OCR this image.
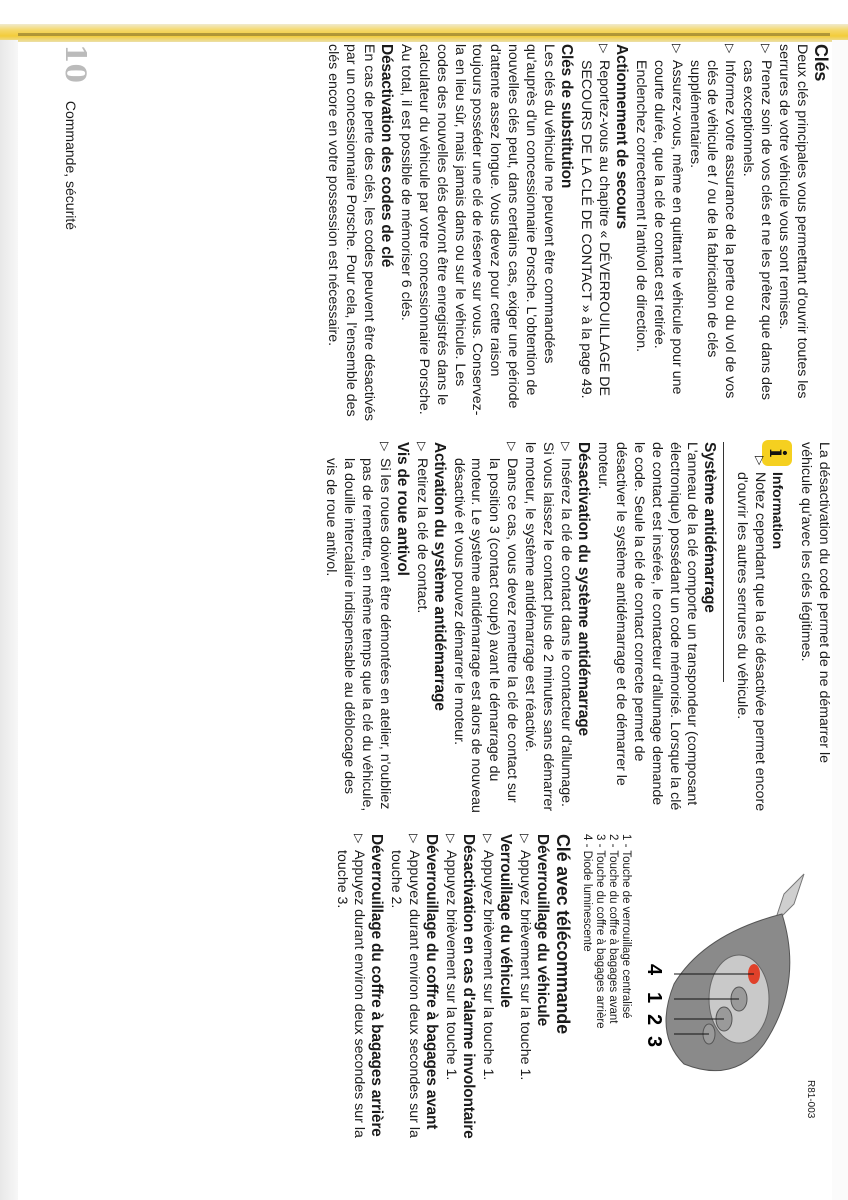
Clés

Deux clés principales vous permettant d'ouvrir toutes les serrures de votre véhicule vous sont remises.

▷ Prenez soin de vos clés et ne les prêtez que dans des cas exceptionnels.

▷ Informez votre assurance de la perte ou du vol de vos clés de véhicule et / ou de la fabrication de clés supplémentaires.

▷ Assurez-vous, même en quittant le véhicule pour une courte durée, que la clé de contact est retirée.

Enclenchez correctement l'antivol de direction.

Actionnement de secours

▷ Reportez-vous au chapitre « DÉVERROUILLAGE DE SECOURS DE LA CLÉ DE CONTACT » à la page 49.

Clés de substitution

Les clés du véhicule ne peuvent être commandées qu'auprès d'un concessionnaire Porsche. L'obtention de nouvelles clés peut, dans certains cas, exiger une période d'attente assez longue. Vous devez pour cette raison toujours posséder une clé de réserve sur vous. Conservez-la en lieu sûr, mais jamais dans ou sur le véhicule. Les codes des nouvelles clés devront être enregistrés dans le calculateur du véhicule par votre concessionnaire Porsche. Au total, il est possible de mémoriser 6 clés.

Désactivation des codes de clé

En cas de perte des clés, les codes peuvent être désactivés par un concessionnaire Porsche. Pour cela, l'ensemble des clés encore en votre possession est nécessaire.

La désactivation du code permet de ne démarrer le véhicule qu'avec les clés légitimes.

i

Information

▷ Notez cependant que la clé désactivée permet encore d'ouvrir les autres serrures du véhicule.

Système antidémarrage

L'anneau de la clé comporte un transpondeur (composant électronique) possédant un code mémorisé. Lorsque la clé de contact est insérée, le contacteur d'allumage demande le code. Seule la clé de contact correcte permet de désactiver le système antidémarrage et de démarrer le moteur.

Désactivation du système antidémarrage

▷ Insérez la clé de contact dans le contacteur d'allumage.

Si vous laissez le contact plus de 2 minutes sans démarrer le moteur, le système antidémarrage est réactivé.

▷ Dans ce cas, vous devez remettre la clé de contact sur la position 3 (contact coupé) avant le démarrage du moteur. Le système antidémarrage est alors de nouveau désactivé et vous pouvez démarrer le moteur.

Activation du système antidémarrage

▷ Retirez la clé de contact.

Vis de roue antivol

▷ Si les roues doivent être démontées en atelier, n'oubliez pas de remettre, en même temps que la clé du véhicule, la douille intercalaire indispensable au déblocage des vis de roue antivol.

1 - Touche de verrouillage centralisé

2 - Touche du coffre à bagages avant

3 - Touche du coffre à bagages arrière

4 - Diode luminescente

Clé avec télécommande

Déverrouillage du véhicule

▷ Appuyez brièvement sur la touche 1.

Verrouillage du véhicule

▷ Appuyez brièvement sur la touche 1.

Désactivation en cas d'alarme involontaire

▷ Appuyez brièvement sur la touche 1.

Déverrouillage du coffre à bagages avant

▷ Appuyez durant environ deux secondes sur la touche 2.

Déverrouillage du coffre à bagages arrière

▷ Appuyez durant environ deux secondes sur la touche 3.

4
1
2
3
R81-003
10 Commande, sécurité
